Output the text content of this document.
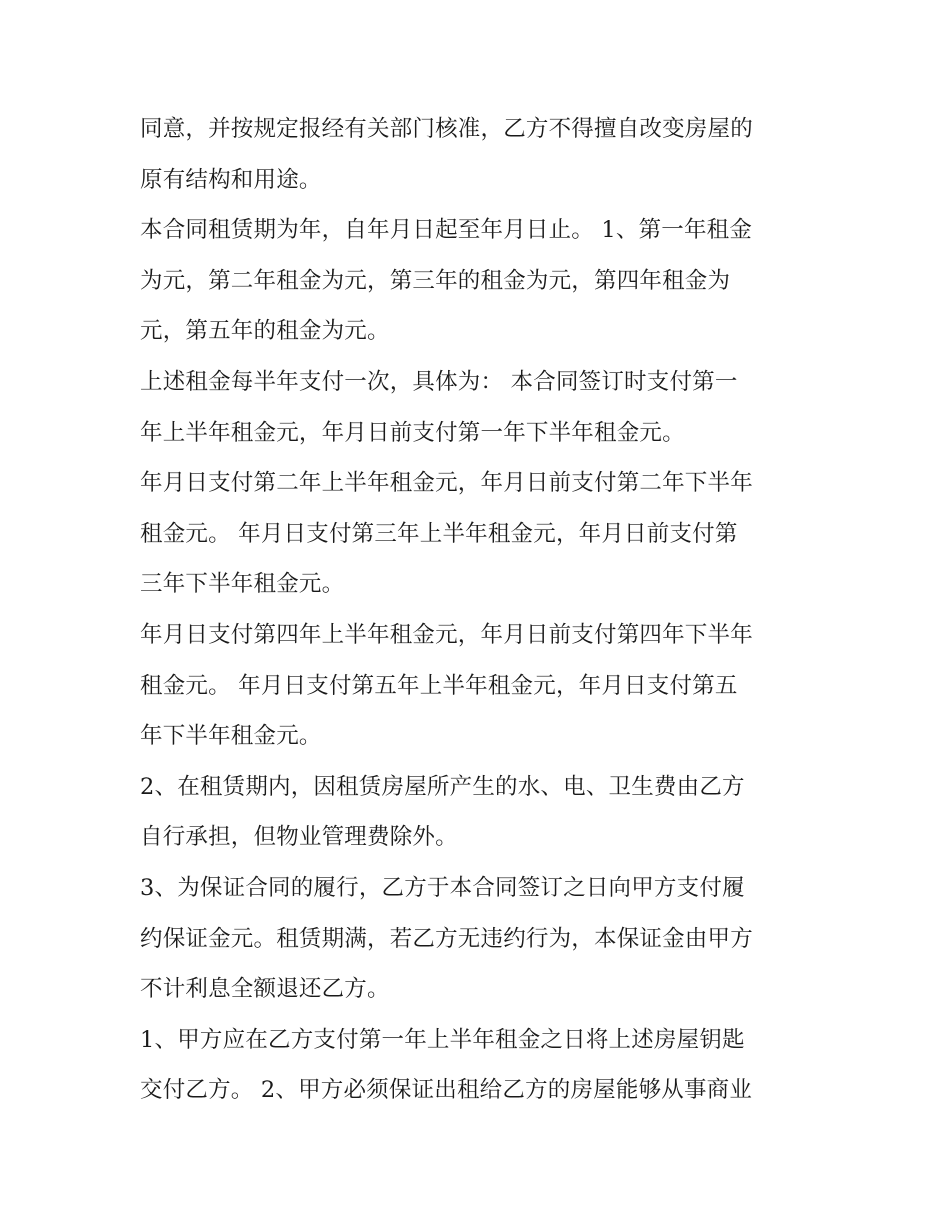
同意，并按规定报经有关部门核准，乙方不得擅自改变房屋的
原有结构和用途。
本合同租赁期为年，自年月日起至年月日止。 1、第一年租金
为元，第二年租金为元，第三年的租金为元，第四年租金为
元，第五年的租金为元。
上述租金每半年支付一次，具体为： 本合同签订时支付第一
年上半年租金元，年月日前支付第一年下半年租金元。
年月日支付第二年上半年租金元，年月日前支付第二年下半年
租金元。 年月日支付第三年上半年租金元，年月日前支付第
三年下半年租金元。
年月日支付第四年上半年租金元，年月日前支付第四年下半年
租金元。 年月日支付第五年上半年租金元，年月日支付第五
年下半年租金元。
2、在租赁期内，因租赁房屋所产生的水、电、卫生费由乙方
自行承担，但物业管理费除外。
3、为保证合同的履行，乙方于本合同签订之日向甲方支付履
约保证金元。租赁期满，若乙方无违约行为，本保证金由甲方
不计利息全额退还乙方。
1、甲方应在乙方支付第一年上半年租金之日将上述房屋钥匙
交付乙方。 2、甲方必须保证出租给乙方的房屋能够从事商业
